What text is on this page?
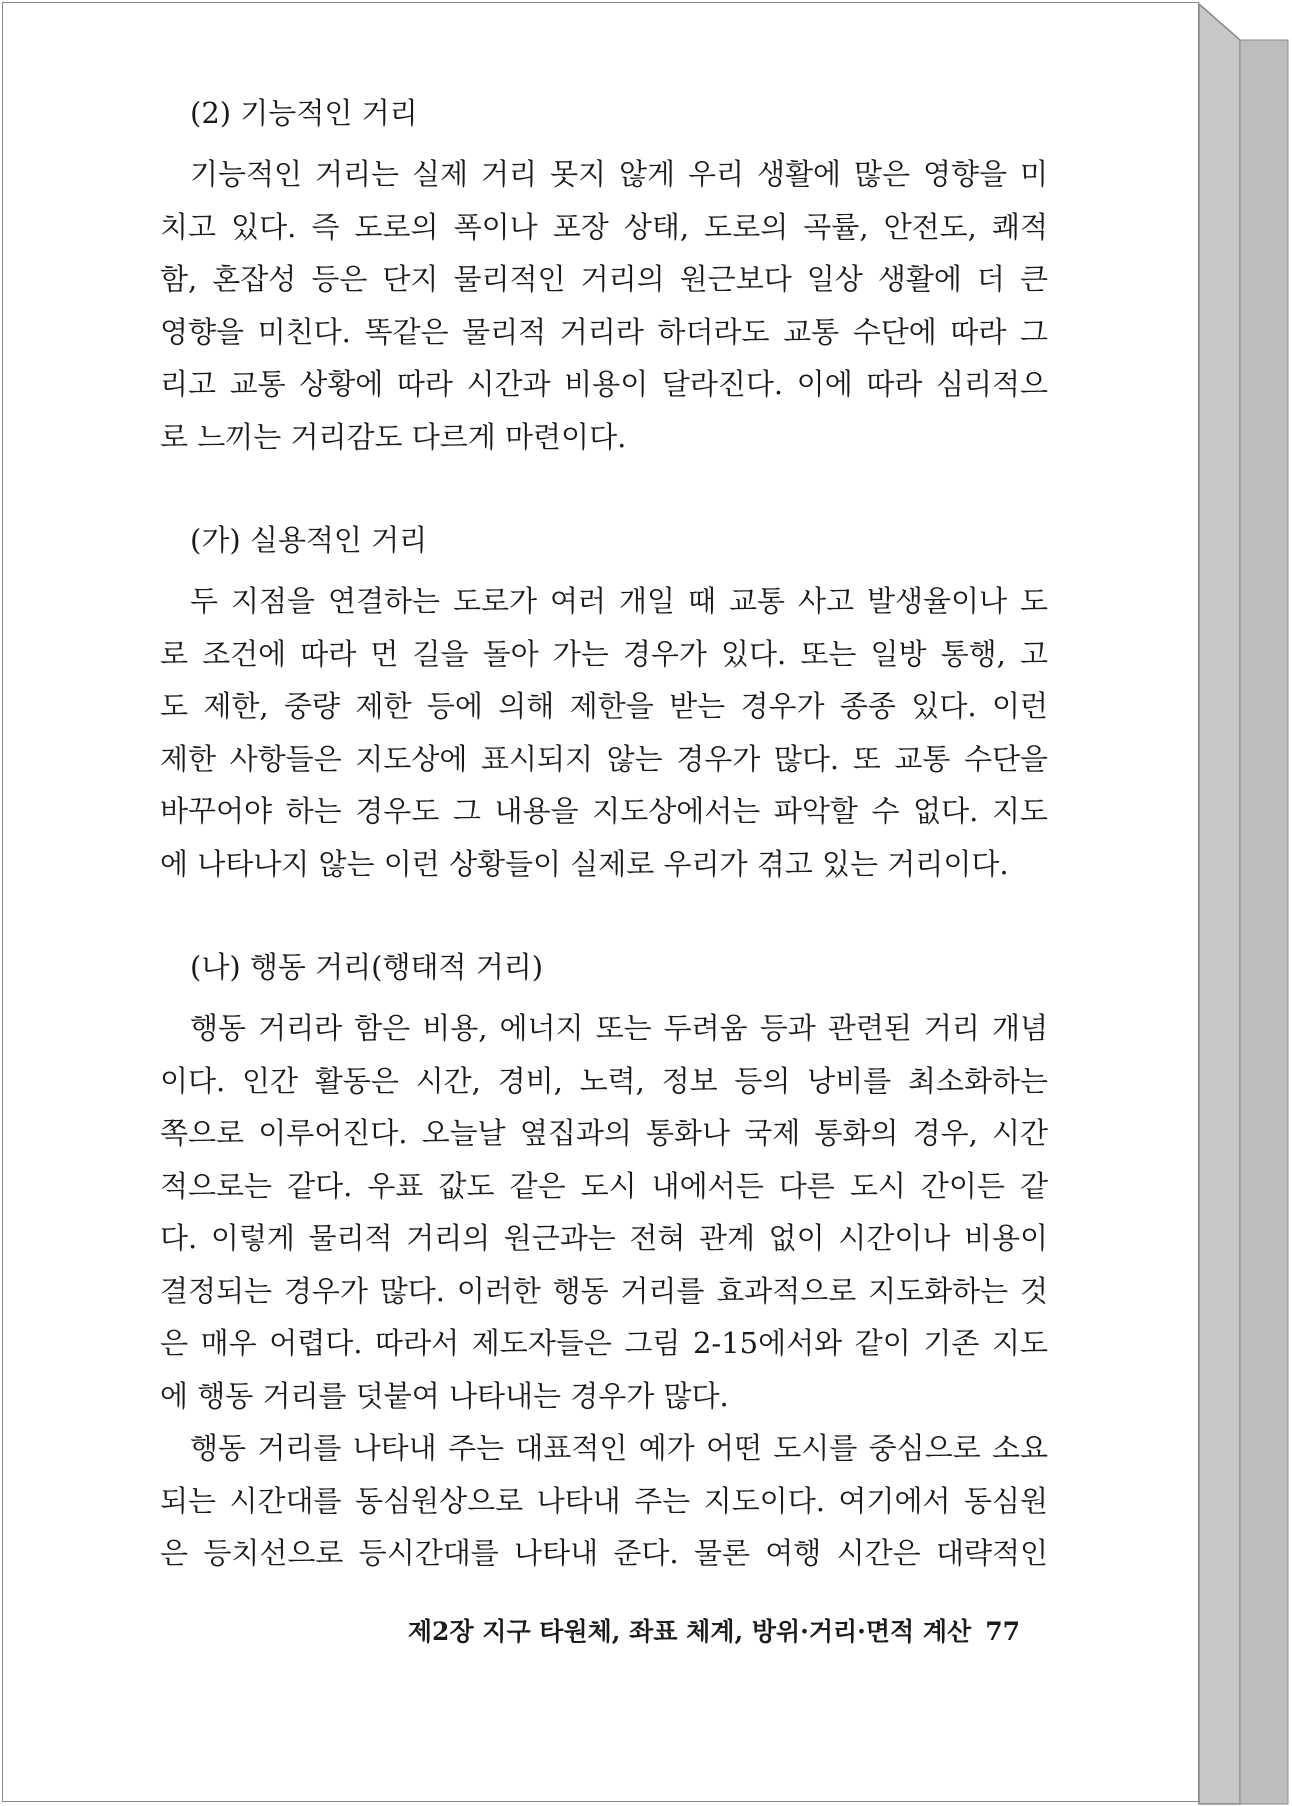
(2) 기능적인 거리
기능적인 거리는 실제 거리 못지 않게 우리 생활에 많은 영향을 미
치고 있다. 즉 도로의 폭이나 포장 상태, 도로의 곡률, 안전도, 쾌적
함, 혼잡성 등은 단지 물리적인 거리의 원근보다 일상 생활에 더 큰
영향을 미친다. 똑같은 물리적 거리라 하더라도 교통 수단에 따라 그
리고 교통 상황에 따라 시간과 비용이 달라진다. 이에 따라 심리적으
로 느끼는 거리감도 다르게 마련이다.
(가) 실용적인 거리
두 지점을 연결하는 도로가 여러 개일 때 교통 사고 발생율이나 도
로 조건에 따라 먼 길을 돌아 가는 경우가 있다. 또는 일방 통행, 고
도 제한, 중량 제한 등에 의해 제한을 받는 경우가 종종 있다. 이런
제한 사항들은 지도상에 표시되지 않는 경우가 많다. 또 교통 수단을
바꾸어야 하는 경우도 그 내용을 지도상에서는 파악할 수 없다. 지도
에 나타나지 않는 이런 상황들이 실제로 우리가 겪고 있는 거리이다.
(나) 행동 거리(행태적 거리)
행동 거리라 함은 비용, 에너지 또는 두려움 등과 관련된 거리 개념
이다. 인간 활동은 시간, 경비, 노력, 정보 등의 낭비를 최소화하는
쪽으로 이루어진다. 오늘날 옆집과의 통화나 국제 통화의 경우, 시간
적으로는 같다. 우표 값도 같은 도시 내에서든 다른 도시 간이든 같
다. 이렇게 물리적 거리의 원근과는 전혀 관계 없이 시간이나 비용이
결정되는 경우가 많다. 이러한 행동 거리를 효과적으로 지도화하는 것
은 매우 어렵다. 따라서 제도자들은 그림 2-15에서와 같이 기존 지도
에 행동 거리를 덧붙여 나타내는 경우가 많다.
행동 거리를 나타내 주는 대표적인 예가 어떤 도시를 중심으로 소요
되는 시간대를 동심원상으로 나타내 주는 지도이다. 여기에서 동심원
은 등치선으로 등시간대를 나타내 준다. 물론 여행 시간은 대략적인
제2장 지구 타원체, 좌표 체계, 방위·거리·면적 계산 77
